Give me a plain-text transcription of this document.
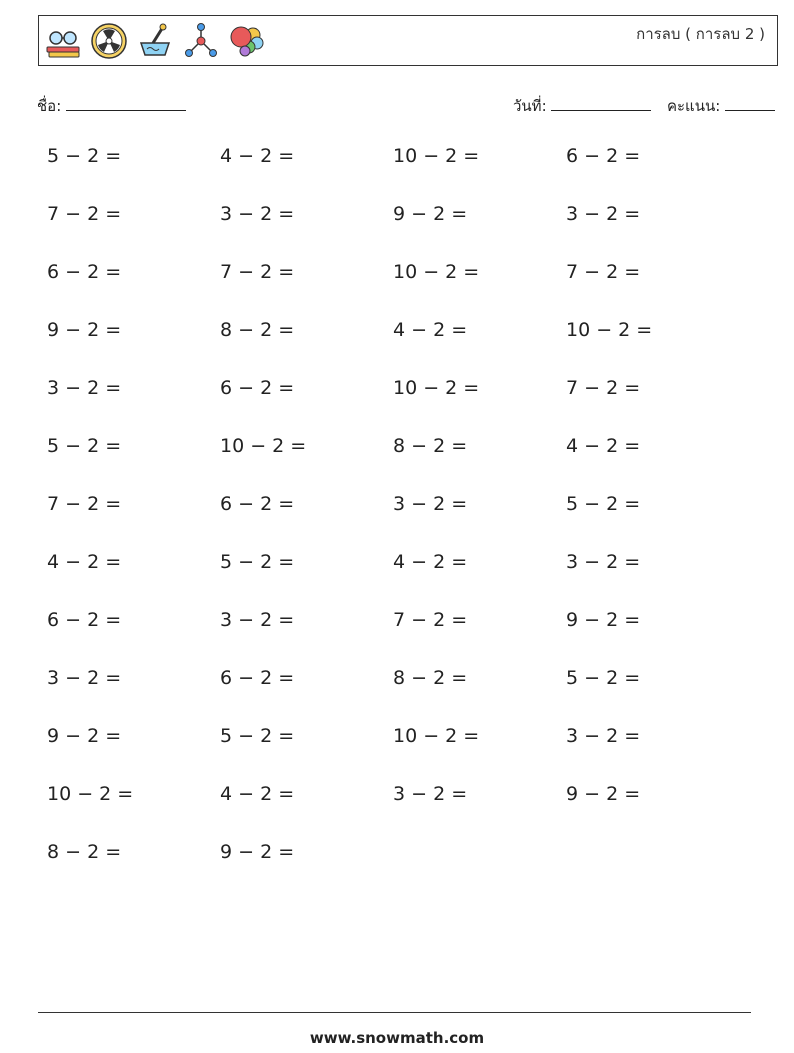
การลบ ( การลบ 2 )
ชื่อ:	วันที่:	คะแนน:
5 − 2 =	4 − 2 =	10 − 2 =	6 − 2 =
7 − 2 =	3 − 2 =	9 − 2 =	3 − 2 =
6 − 2 =	7 − 2 =	10 − 2 =	7 − 2 =
9 − 2 =	8 − 2 =	4 − 2 =	10 − 2 =
3 − 2 =	6 − 2 =	10 − 2 =	7 − 2 =
5 − 2 =	10 − 2 =	8 − 2 =	4 − 2 =
7 − 2 =	6 − 2 =	3 − 2 =	5 − 2 =
4 − 2 =	5 − 2 =	4 − 2 =	3 − 2 =
6 − 2 =	3 − 2 =	7 − 2 =	9 − 2 =
3 − 2 =	6 − 2 =	8 − 2 =	5 − 2 =
9 − 2 =	5 − 2 =	10 − 2 =	3 − 2 =
10 − 2 =	4 − 2 =	3 − 2 =	9 − 2 =
8 − 2 =	9 − 2 =
www.snowmath.com
